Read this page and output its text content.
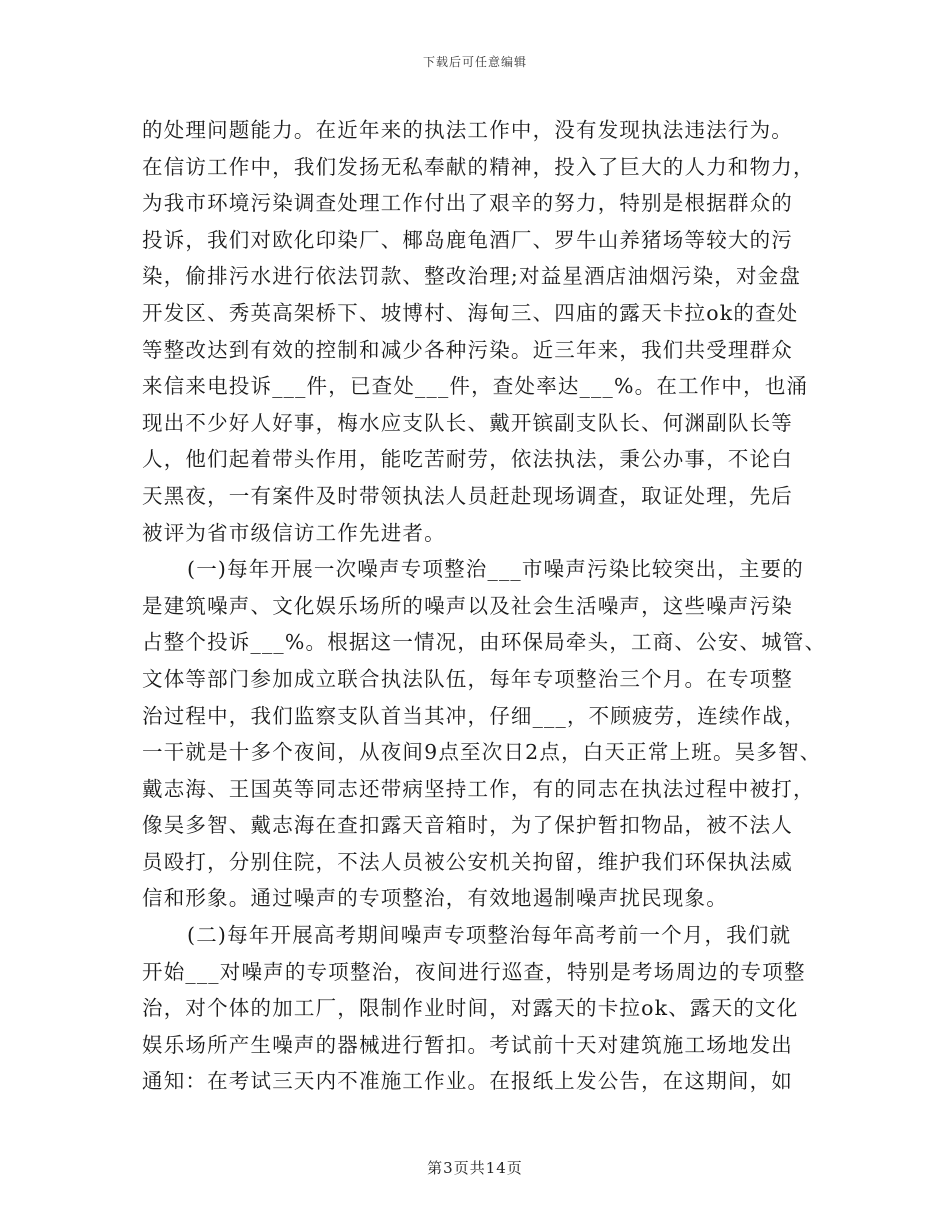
下载后可任意编辑
的处理问题能力。在近年来的执法工作中，没有发现执法违法行为。
在信访工作中，我们发扬无私奉献的精神，投入了巨大的人力和物力，
为我市环境污染调查处理工作付出了艰辛的努力，特别是根据群众的
投诉，我们对欧化印染厂、椰岛鹿龟酒厂、罗牛山养猪场等较大的污
染，偷排污水进行依法罚款、整改治理;对益星酒店油烟污染，对金盘
开发区、秀英高架桥下、坡博村、海甸三、四庙的露天卡拉ok的查处
等整改达到有效的控制和减少各种污染。近三年来，我们共受理群众
来信来电投诉___件，已查处___件，查处率达___%。在工作中，也涌
现出不少好人好事，梅水应支队长、戴开镔副支队长、何渊副队长等
人，他们起着带头作用，能吃苦耐劳，依法执法，秉公办事，不论白
天黑夜，一有案件及时带领执法人员赶赴现场调查，取证处理，先后
被评为省市级信访工作先进者。
(一)每年开展一次噪声专项整治___市噪声污染比较突出，主要的
是建筑噪声、文化娱乐场所的噪声以及社会生活噪声，这些噪声污染
占整个投诉___%。根据这一情况，由环保局牵头，工商、公安、城管、
文体等部门参加成立联合执法队伍，每年专项整治三个月。在专项整
治过程中，我们监察支队首当其冲，仔细___，不顾疲劳，连续作战，
一干就是十多个夜间，从夜间9点至次日2点，白天正常上班。吴多智、
戴志海、王国英等同志还带病坚持工作，有的同志在执法过程中被打，
像吴多智、戴志海在查扣露天音箱时，为了保护暂扣物品，被不法人
员殴打，分别住院，不法人员被公安机关拘留，维护我们环保执法威
信和形象。通过噪声的专项整治，有效地遏制噪声扰民现象。
(二)每年开展高考期间噪声专项整治每年高考前一个月，我们就
开始___对噪声的专项整治，夜间进行巡查，特别是考场周边的专项整
治，对个体的加工厂，限制作业时间，对露天的卡拉ok、露天的文化
娱乐场所产生噪声的器械进行暂扣。考试前十天对建筑施工场地发出
通知：在考试三天内不准施工作业。在报纸上发公告，在这期间，如
第3页共14页
